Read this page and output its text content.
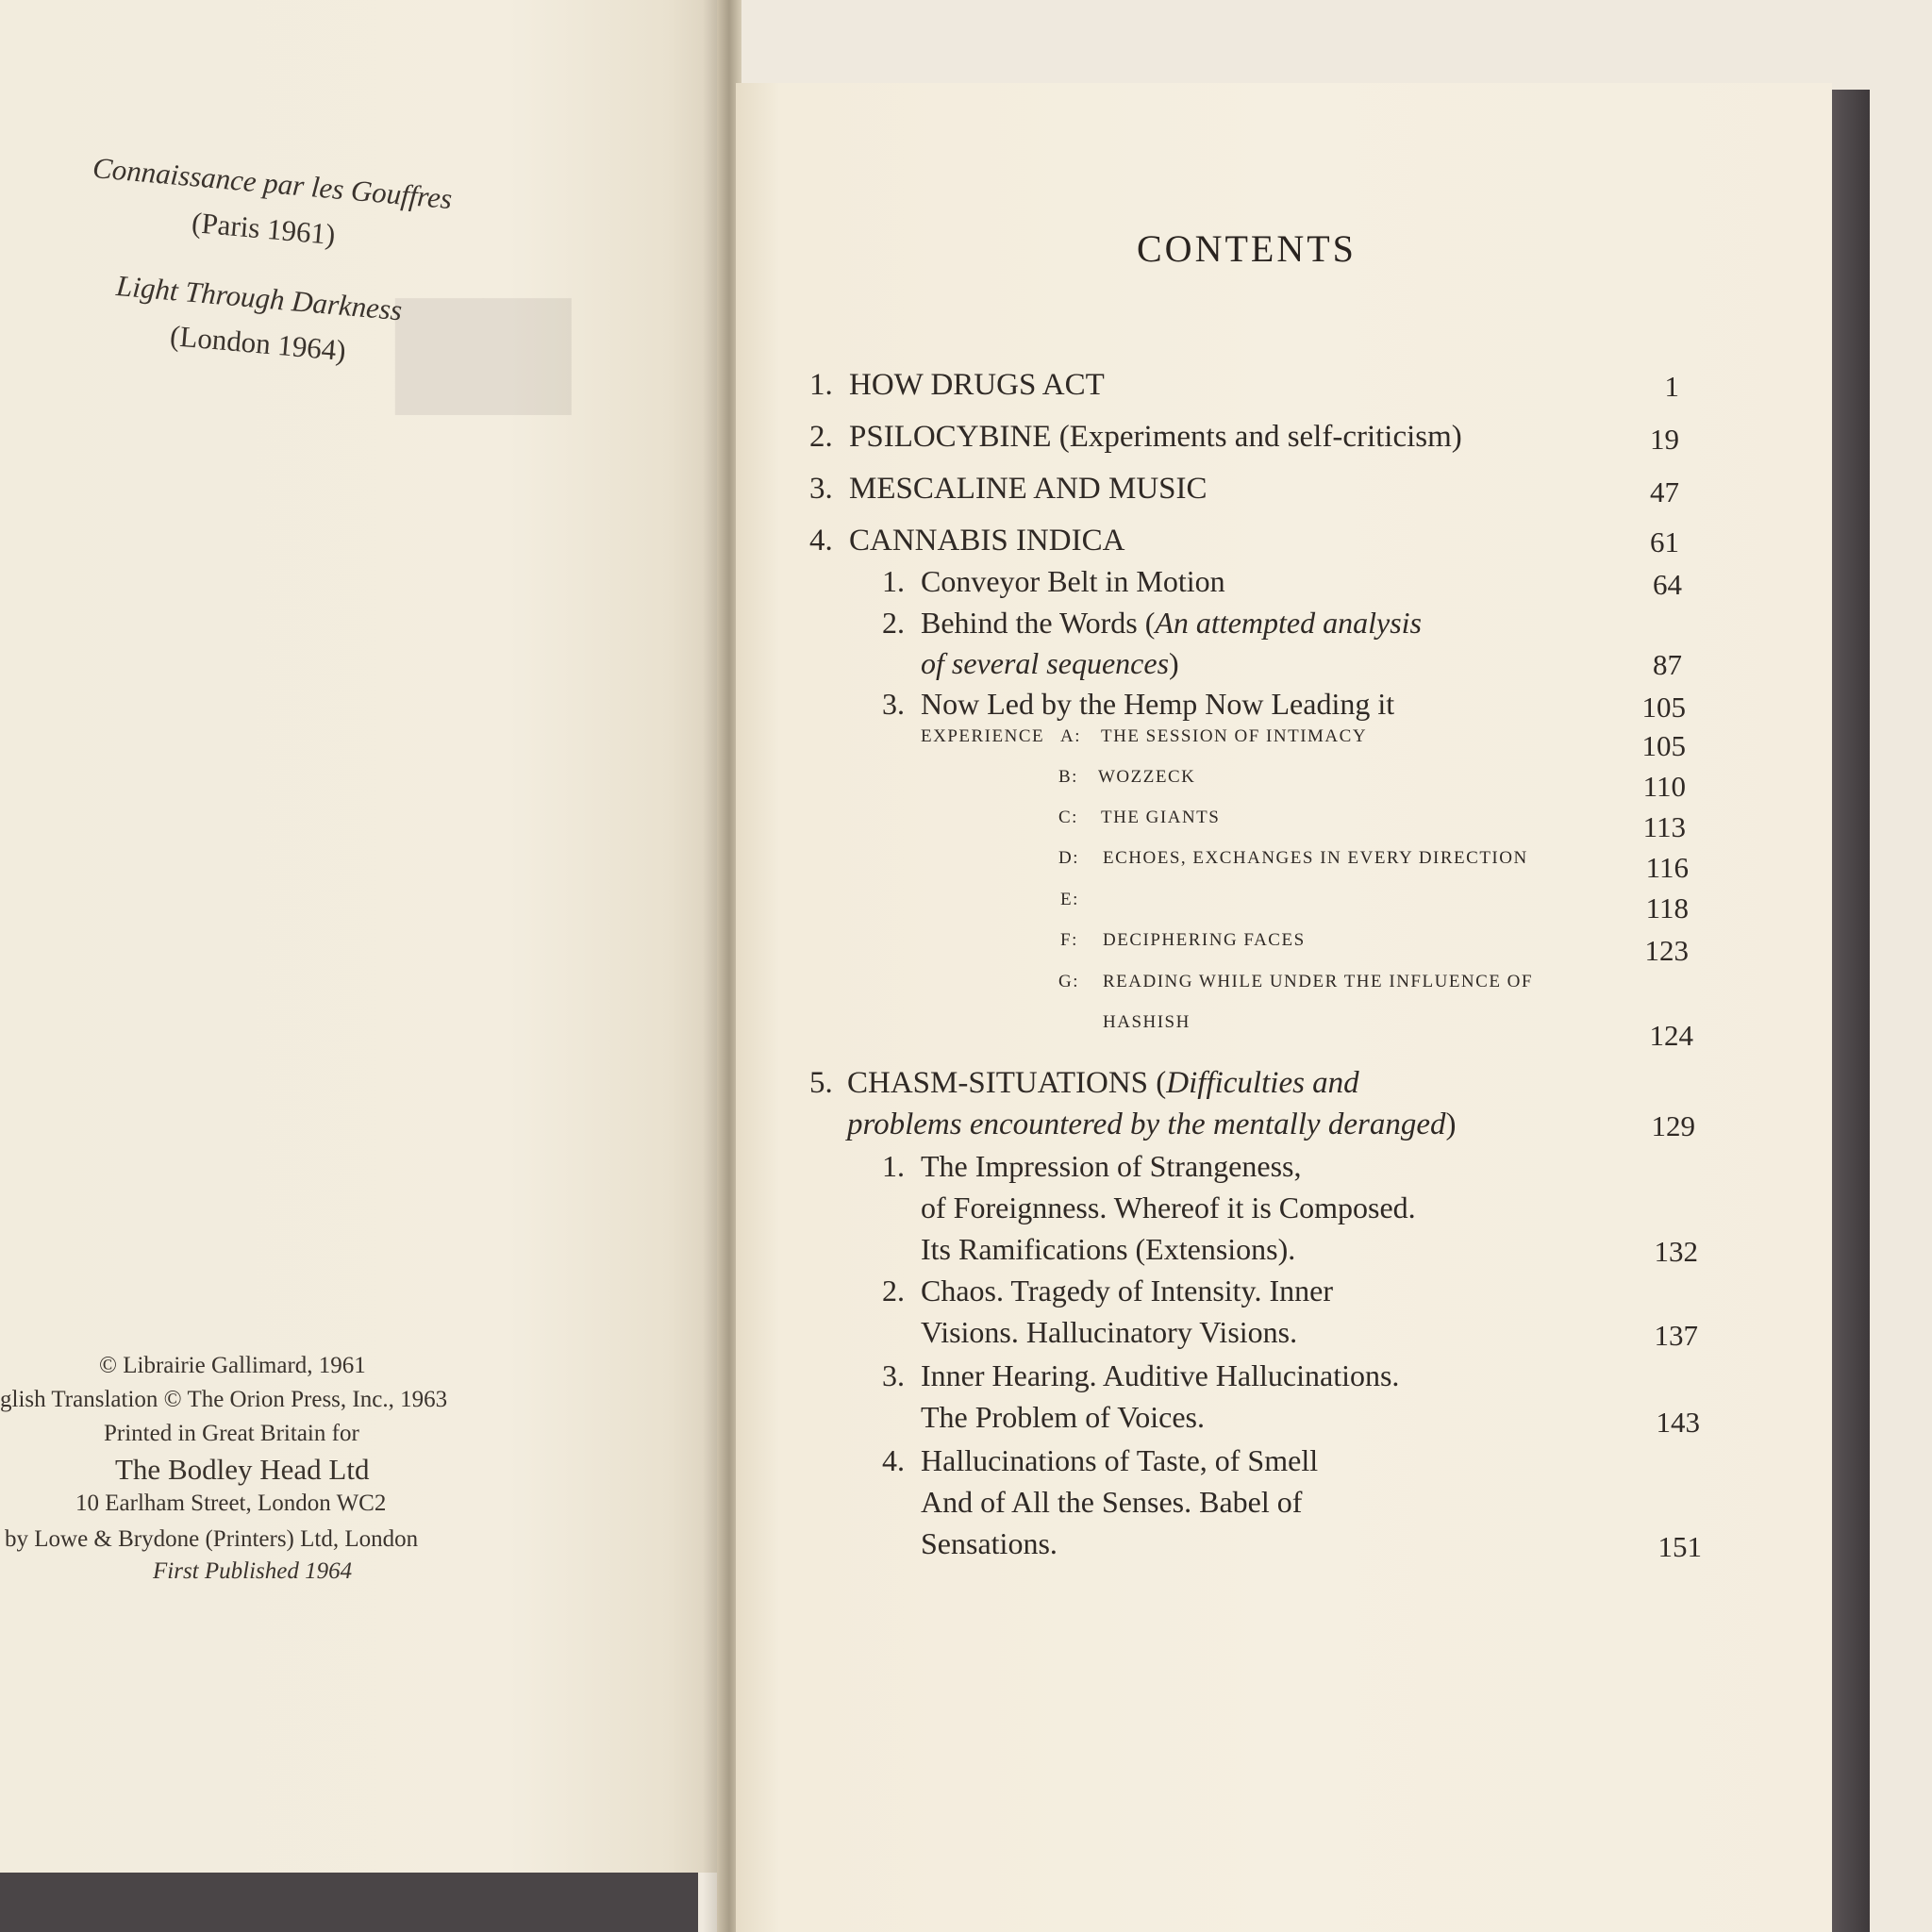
▇▇
Connaissance par les Gouffres
(Paris 1961)
Light Through Darkness
(London 1964)
© Librairie Gallimard, 1961
glish Translation © The Orion Press, Inc., 1963
Printed in Great Britain for
The Bodley Head Ltd
10 Earlham Street, London WC2
by Lowe & Brydone (Printers) Ltd, London
First Published 1964
CONTENTS
1. HOW DRUGS ACT	1
2. PSILOCYBINE (Experiments and self-criticism)	19
3. MESCALINE AND MUSIC	47
4. CANNABIS INDICA	61
1. Conveyor Belt in Motion	64
2. Behind the Words (An attempted analysis
of several sequences)	87
3. Now Led by the Hemp Now Leading it	105
EXPERIENCE A: THE SESSION OF INTIMACY	105
B: WOZZECK	110
C: THE GIANTS	113
D: ECHOES, EXCHANGES IN EVERY DIRECTION	116
E:	118
F: DECIPHERING FACES	123
G: READING WHILE UNDER THE INFLUENCE OF
HASHISH	124
5. CHASM-SITUATIONS (Difficulties and
problems encountered by the mentally deranged)	129
1. The Impression of Strangeness,
of Foreignness. Whereof it is Composed.
Its Ramifications (Extensions).	132
2. Chaos. Tragedy of Intensity. Inner
Visions. Hallucinatory Visions.	137
3. Inner Hearing. Auditive Hallucinations.
The Problem of Voices.	143
4. Hallucinations of Taste, of Smell
And of All the Senses. Babel of
Sensations.	151
